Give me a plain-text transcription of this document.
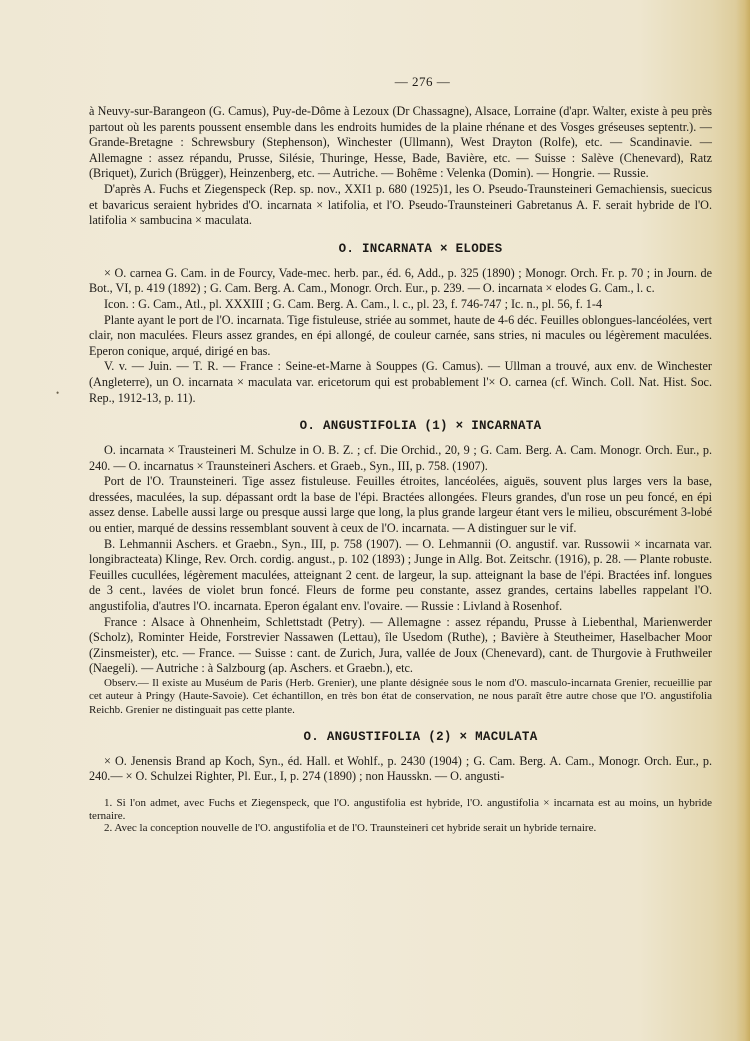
•
— 276 —

à Neuvy-sur-Barangeon (G. Camus), Puy-de-Dôme à Lezoux (Dr Chassagne), Alsace, Lorraine (d'apr. Walter, existe à peu près partout où les parents poussent ensemble dans les endroits humides de la plaine rhénane et des Vosges gréseuses septentr.). — Grande-Bretagne : Schrewsbury (Stephenson), Winchester (Ullmann), West Drayton (Rolfe), etc. — Scandinavie. — Allemagne : assez répandu, Prusse, Silésie, Thuringe, Hesse, Bade, Bavière, etc. — Suisse : Salève (Chenevard), Ratz (Briquet), Zurich (Brügger), Heinzenberg, etc. — Autriche. — Bohême : Velenka (Domin). — Hongrie. — Russie.

D'après A. Fuchs et Ziegenspeck (Rep. sp. nov., XXI1 p. 680 (1925)1, les O. Pseudo-Traunsteineri Gemachiensis, suecicus et bavaricus seraient hybrides d'O. incarnata × latifolia, et l'O. Pseudo-Traunsteineri Gabretanus A. F. serait hybride de l'O. latifolia × sambucina × maculata.

O. INCARNATA × ELODES

× O. carnea G. Cam. in de Fourcy, Vade-mec. herb. par., éd. 6, Add., p. 325 (1890) ; Monogr. Orch. Fr. p. 70 ; in Journ. de Bot., VI, p. 419 (1892) ; G. Cam. Berg. A. Cam., Monogr. Orch. Eur., p. 239. — O. incarnata × elodes G. Cam., l. c.

Icon. : G. Cam., Atl., pl. XXXIII ; G. Cam. Berg. A. Cam., l. c., pl. 23, f. 746-747 ; Ic. n., pl. 56, f. 1-4

Plante ayant le port de l'O. incarnata. Tige fistuleuse, striée au sommet, haute de 4-6 déc. Feuilles oblongues-lancéolées, vert clair, non maculées. Fleurs assez grandes, en épi allongé, de couleur carnée, sans stries, ni macules ou légèrement maculées. Eperon conique, arqué, dirigé en bas.

V. v. — Juin. — T. R. — France : Seine-et-Marne à Souppes (G. Camus). — Ullman a trouvé, aux env. de Winchester (Angleterre), un O. incarnata × maculata var. ericetorum qui est probablement l'× O. carnea (cf. Winch. Coll. Nat. Hist. Soc. Rep., 1912-13, p. 11).

O. ANGUSTIFOLIA (1) × INCARNATA

O. incarnata × Trausteineri M. Schulze in O. B. Z. ; cf. Die Orchid., 20, 9 ; G. Cam. Berg. A. Cam. Monogr. Orch. Eur., p. 240. — O. incarnatus × Traunsteineri Aschers. et Graeb., Syn., III, p. 758. (1907).

Port de l'O. Traunsteineri. Tige assez fistuleuse. Feuilles étroites, lancéolées, aiguës, souvent plus larges vers la base, dressées, maculées, la sup. dépassant ordt la base de l'épi. Bractées allongées. Fleurs grandes, d'un rose un peu foncé, en épi assez dense. Labelle aussi large ou presque aussi large que long, la plus grande largeur étant vers le milieu, obscurément 3-lobé ou entier, marqué de dessins ressemblant souvent à ceux de l'O. incarnata. — A distinguer sur le vif.

B. Lehmannii Aschers. et Graebn., Syn., III, p. 758 (1907). — O. Lehmannii (O. angustif. var. Russowii × incarnata var. longibracteata) Klinge, Rev. Orch. cordig. angust., p. 102 (1893) ; Junge in Allg. Bot. Zeitschr. (1916), p. 28. — Plante robuste. Feuilles cucullées, légèrement maculées, atteignant 2 cent. de largeur, la sup. atteignant la base de l'épi. Bractées inf. longues de 3 cent., lavées de violet brun foncé. Fleurs de forme peu constante, assez grandes, certains labelles rappelant l'O. angustifolia, d'autres l'O. incarnata. Eperon égalant env. l'ovaire. — Russie : Livland à Rosenhof.

France : Alsace à Ohnenheim, Schlettstadt (Petry). — Allemagne : assez répandu, Prusse à Liebenthal, Marienwerder (Scholz), Rominter Heide, Forstrevier Nassawen (Lettau), île Usedom (Ruthe), ; Bavière à Steutheimer, Haselbacher Moor (Zinsmeister), etc. — France. — Suisse : cant. de Zurich, Jura, vallée de Joux (Chenevard), cant. de Thurgovie à Fruthweiler (Naegeli). — Autriche : à Salzbourg (ap. Aschers. et Graebn.), etc.

Observ.— Il existe au Muséum de Paris (Herb. Grenier), une plante désignée sous le nom d'O. masculo-incarnata Grenier, recueillie par cet auteur à Pringy (Haute-Savoie). Cet échantillon, en très bon état de conservation, ne nous paraît être autre chose que l'O. angustifolia Reichb. Grenier ne distinguait pas cette plante.

O. ANGUSTIFOLIA (2) × MACULATA

× O. Jenensis Brand ap Koch, Syn., éd. Hall. et Wohlf., p. 2430 (1904) ; G. Cam. Berg. A. Cam., Monogr. Orch. Eur., p. 240.— × O. Schulzei Righter, Pl. Eur., I, p. 274 (1890) ; non Hausskn. — O. angusti-

1. Si l'on admet, avec Fuchs et Ziegenspeck, que l'O. angustifolia est hybride, l'O. angustifolia × incarnata est au moins, un hybride ternaire.

2. Avec la conception nouvelle de l'O. angustifolia et de l'O. Traunsteineri cet hybride serait un hybride ternaire.
